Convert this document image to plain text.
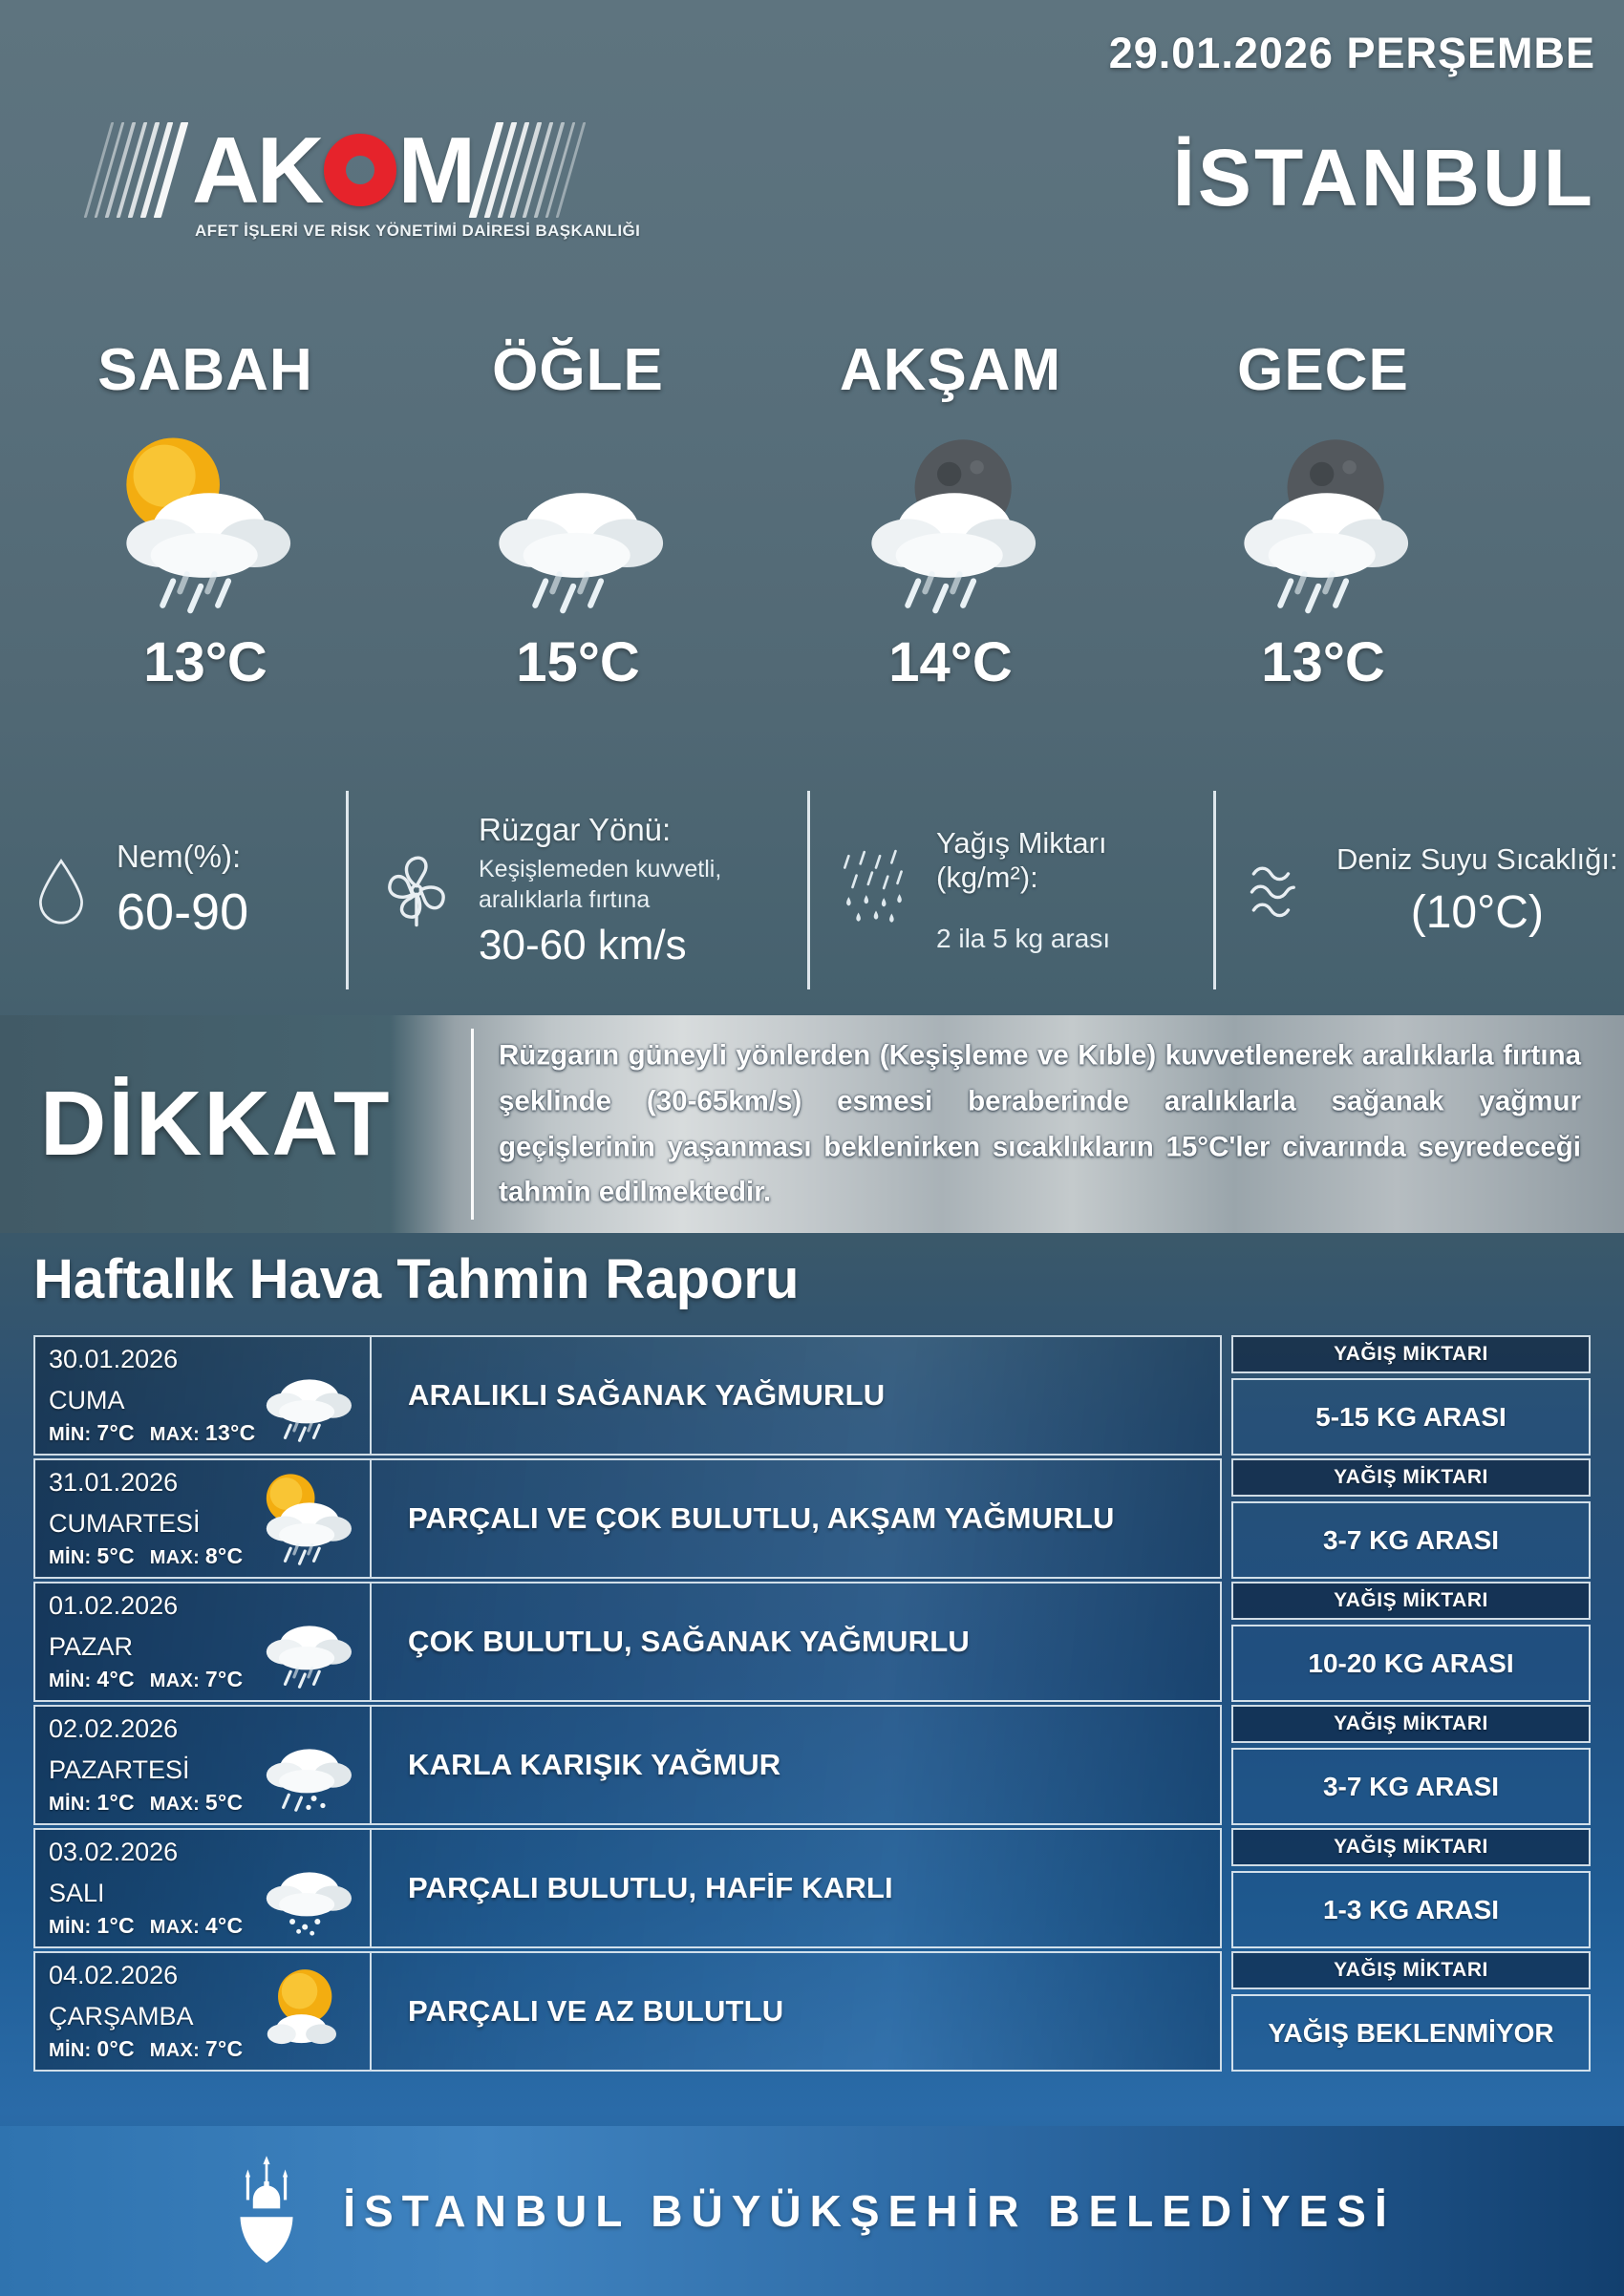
29.01.2026 PERŞEMBE
İSTANBUL
AK M
AFET İŞLERİ VE RİSK YÖNETİMİ DAİRESİ BAŞKANLIĞI
SABAH
13°C
ÖĞLE
15°C
AKŞAM
14°C
GECE
13°C
Nem(%):
60-90
Rüzgar Yönü:
Keşişlemeden kuvvetli, aralıklarla fırtına
30-60 km/s
Yağış Miktarı (kg/m²):
2 ila 5 kg arası
Deniz Suyu Sıcaklığı:
(10°C)
DİKKAT
Rüzgarın güneyli yönlerden (Keşişleme ve Kıble) kuvvetlenerek aralıklarla fırtına şeklinde (30-65km/s) esmesi beraberinde aralıklarla sağanak yağmur geçişlerinin yaşanması beklenirken sıcaklıkların 15°C'ler civarında seyredeceği tahmin edilmektedir.
Haftalık Hava Tahmin Raporu
30.01.2026
CUMA
MİN: 7°C MAX: 13°C
ARALIKLI SAĞANAK YAĞMURLU
YAĞIŞ MİKTARI
5-15 KG ARASI
31.01.2026
CUMARTESİ
MİN: 5°C MAX: 8°C
PARÇALI VE ÇOK BULUTLU, AKŞAM YAĞMURLU
YAĞIŞ MİKTARI
3-7 KG ARASI
01.02.2026
PAZAR
MİN: 4°C MAX: 7°C
ÇOK BULUTLU, SAĞANAK YAĞMURLU
YAĞIŞ MİKTARI
10-20 KG ARASI
02.02.2026
PAZARTESİ
MİN: 1°C MAX: 5°C
KARLA KARIŞIK YAĞMUR
YAĞIŞ MİKTARI
3-7 KG ARASI
03.02.2026
SALI
MİN: 1°C MAX: 4°C
PARÇALI BULUTLU, HAFİF KARLI
YAĞIŞ MİKTARI
1-3 KG ARASI
04.02.2026
ÇARŞAMBA
MİN: 0°C MAX: 7°C
PARÇALI VE AZ BULUTLU
YAĞIŞ MİKTARI
YAĞIŞ BEKLENMİYOR
İSTANBUL BÜYÜKŞEHİR BELEDİYESİ
